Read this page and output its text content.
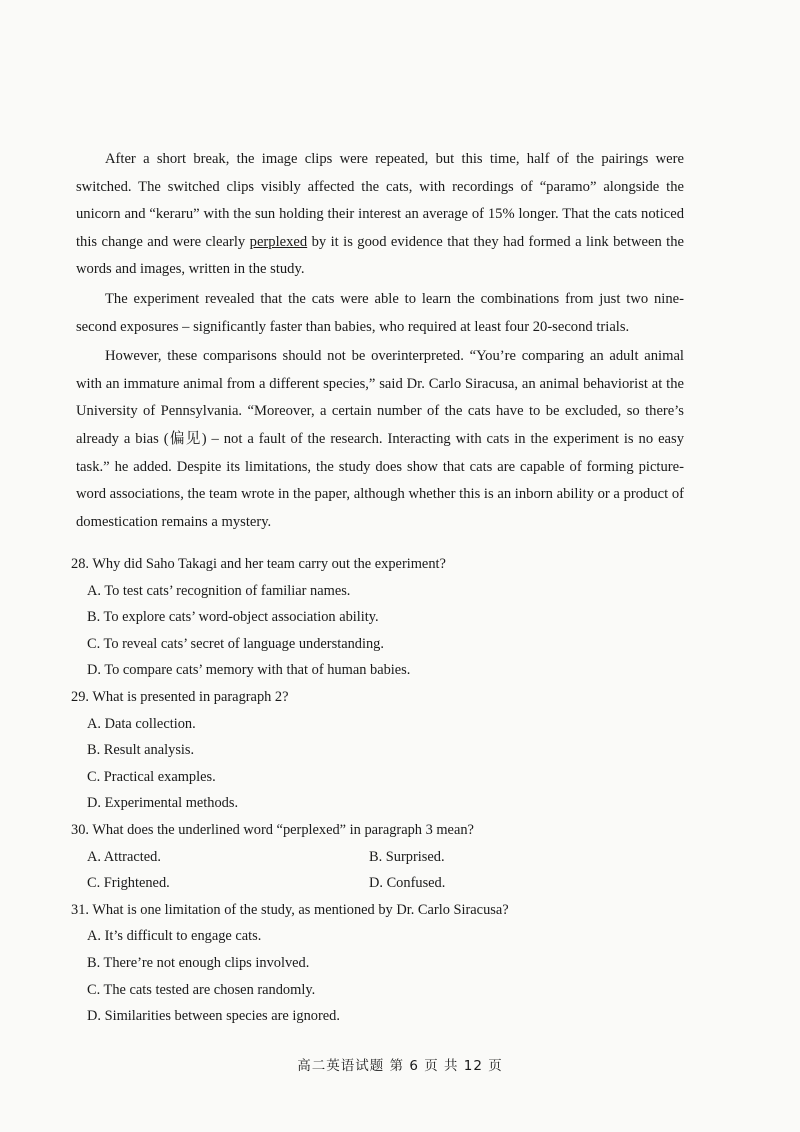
After a short break, the image clips were repeated, but this time, half of the pairings were switched. The switched clips visibly affected the cats, with recordings of “paramo” alongside the unicorn and “keraru” with the sun holding their interest an average of 15% longer. That the cats noticed this change and were clearly perplexed by it is good evidence that they had formed a link between the words and images, written in the study.

The experiment revealed that the cats were able to learn the combinations from just two nine-second exposures – significantly faster than babies, who required at least four 20-second trials.

However, these comparisons should not be overinterpreted. “You’re comparing an adult animal with an immature animal from a different species,” said Dr. Carlo Siracusa, an animal behaviorist at the University of Pennsylvania. “Moreover, a certain number of the cats have to be excluded, so there’s already a bias (偏见) – not a fault of the research. Interacting with cats in the experiment is no easy task.” he added. Despite its limitations, the study does show that cats are capable of forming picture-word associations, the team wrote in the paper, although whether this is an inborn ability or a product of domestication remains a mystery.

28. Why did Saho Takagi and her team carry out the experiment?

A. To test cats’ recognition of familiar names.

B. To explore cats’ word-object association ability.

C. To reveal cats’ secret of language understanding.

D. To compare cats’ memory with that of human babies.

29. What is presented in paragraph 2?

A. Data collection.

B. Result analysis.

C. Practical examples.

D. Experimental methods.

30. What does the underlined word “perplexed” in paragraph 3 mean?

A. Attracted.	B. Surprised.
C. Frightened.	D. Confused.

31. What is one limitation of the study, as mentioned by Dr. Carlo Siracusa?

A. It’s difficult to engage cats.

B. There’re not enough clips involved.

C. The cats tested are chosen randomly.

D. Similarities between species are ignored.

高二英语试题 第 6 页 共 12 页
